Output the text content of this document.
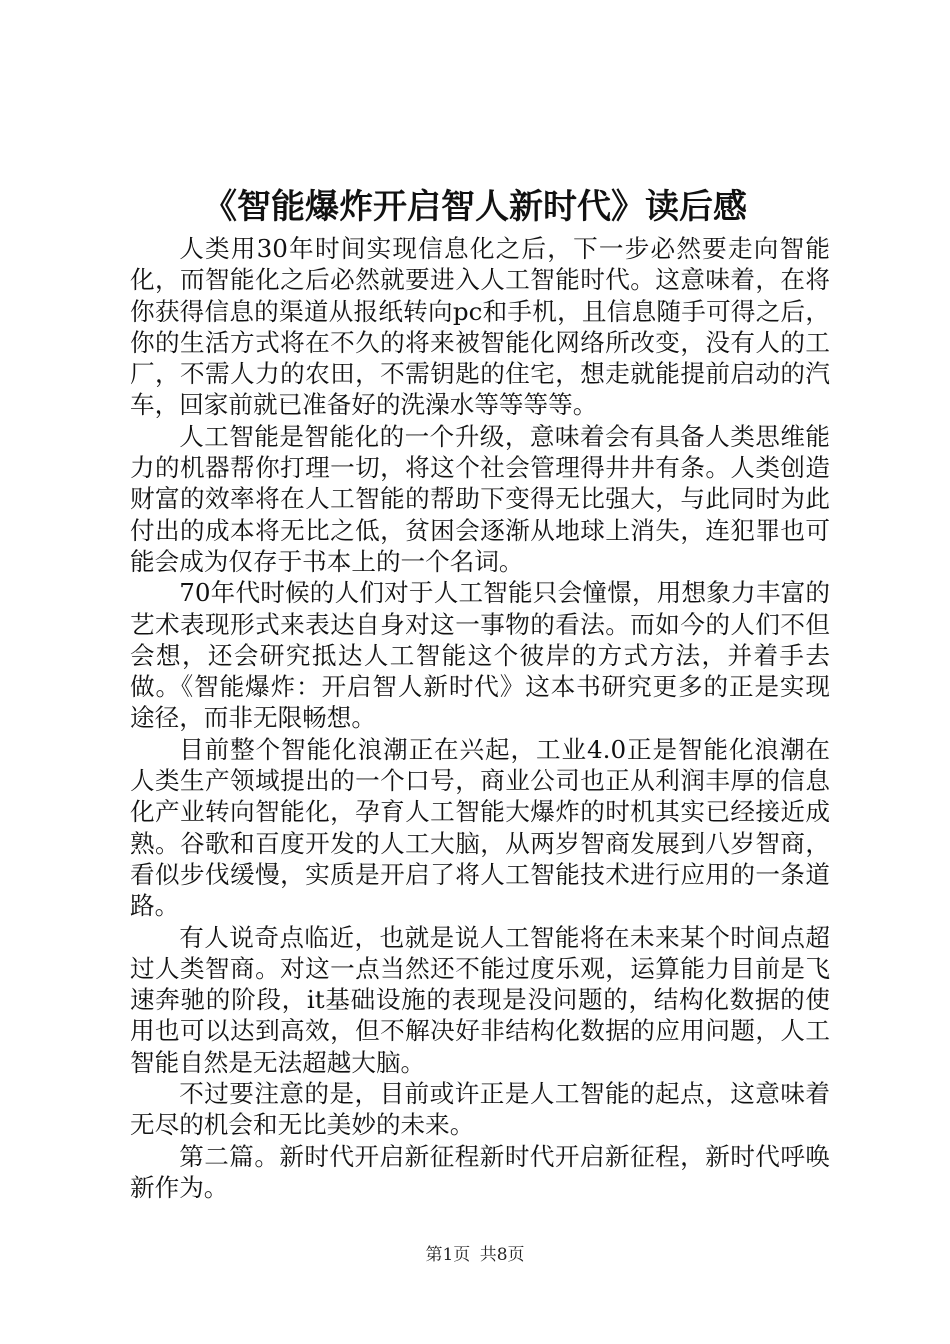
《智能爆炸开启智人新时代》读后感

人类用30年时间实现信息化之后，下一步必然要走向智能化，而智能化之后必然就要进入人工智能时代。这意味着，在将你获得信息的渠道从报纸转向pc和手机，且信息随手可得之后，你的生活方式将在不久的将来被智能化网络所改变，没有人的工厂，不需人力的农田，不需钥匙的住宅，想走就能提前启动的汽车，回家前就已准备好的洗澡水等等等等。

人工智能是智能化的一个升级，意味着会有具备人类思维能力的机器帮你打理一切，将这个社会管理得井井有条。人类创造财富的效率将在人工智能的帮助下变得无比强大，与此同时为此付出的成本将无比之低，贫困会逐渐从地球上消失，连犯罪也可能会成为仅存于书本上的一个名词。

70年代时候的人们对于人工智能只会憧憬，用想象力丰富的艺术表现形式来表达自身对这一事物的看法。而如今的人们不但会想，还会研究抵达人工智能这个彼岸的方式方法，并着手去做。《智能爆炸：开启智人新时代》这本书研究更多的正是实现途径，而非无限畅想。

目前整个智能化浪潮正在兴起，工业4.0正是智能化浪潮在人类生产领域提出的一个口号，商业公司也正从利润丰厚的信息化产业转向智能化，孕育人工智能大爆炸的时机其实已经接近成熟。谷歌和百度开发的人工大脑，从两岁智商发展到八岁智商，看似步伐缓慢，实质是开启了将人工智能技术进行应用的一条道路。

有人说奇点临近，也就是说人工智能将在未来某个时间点超过人类智商。对这一点当然还不能过度乐观，运算能力目前是飞速奔驰的阶段，it基础设施的表现是没问题的，结构化数据的使用也可以达到高效，但不解决好非结构化数据的应用问题，人工智能自然是无法超越大脑。

不过要注意的是，目前或许正是人工智能的起点，这意味着无尽的机会和无比美妙的未来。

第二篇。新时代开启新征程新时代开启新征程，新时代呼唤新作为。

第1页 共8页
